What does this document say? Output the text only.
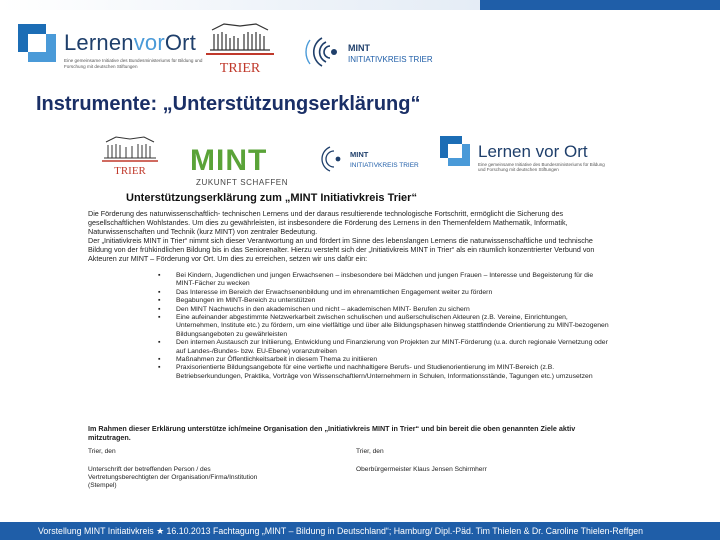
LernenvorOrt
Eine gemeinsame Initiative des Bundesministeriums für Bildung und Forschung mit deutschen Stiftungen	TRIER
MINT
INITIATIVKREIS TRIER
Instrumente: „Unterstützungserklärung“
TRIER MINT
ZUKUNFT SCHAFFEN
MINT
INITIATIVKREIS TRIER
Lernen vor Ort
Eine gemeinsame Initiative des Bundesministeriums für Bildung und Forschung mit deutschen Stiftungen
Unterstützungserklärung zum „MINT Initiativkreis Trier“
Die Förderung des naturwissenschaftlich- technischen Lernens und der daraus resultierende technologische Fortschritt, ermöglicht die Sicherung des gesellschaftlichen Wohlstandes. Um dies zu gewährleisten, ist insbesondere die Förderung des Lernens in den Themenfeldern Mathematik, Informatik, Naturwissenschaften und Technik (kurz MINT) von zentraler Bedeutung.
Der „Initiativkreis MINT in Trier“ nimmt sich dieser Verantwortung an und fördert im Sinne des lebenslangen Lernens die naturwissenschaftliche und technische Bildung von der frühkindlichen Bildung bis in das Seniorenalter. Hierzu versteht sich der „Initiativkreis MINT in Trier“ als ein räumlich konzentrierter Verbund von Akteuren zur MINT – Förderung vor Ort. Um dies zu erreichen, setzen wir uns dafür ein:
▪ Bei Kindern, Jugendlichen und jungen Erwachsenen – insbesondere bei Mädchen und jungen Frauen – Interesse und Begeisterung für die MINT-Fächer zu wecken
▪ Das Interesse im Bereich der Erwachsenenbildung und im ehrenamtlichen Engagement weiter zu fördern
▪ Begabungen im MINT-Bereich zu unterstützen
▪ Den MINT Nachwuchs in den akademischen und nicht – akademischen MINT- Berufen zu sichern
▪ Eine aufeinander abgestimmte Netzwerkarbeit zwischen schulischen und außerschulischen Akteuren (z.B. Vereine, Einrichtungen, Unternehmen, Institute etc.) zu fördern, um eine vielfältige und über alle Bildungsphasen hinweg stattfindende Orientierung zu MINT-bezogenen Bildungsangeboten zu gewährleisten
▪ Den internen Austausch zur Initiierung, Entwicklung und Finanzierung von Projekten zur MINT-Förderung (u.a. durch regionale Vernetzung oder auf Landes-/Bundes- bzw. EU-Ebene) voranzutreiben
▪ Maßnahmen zur Öffentlichkeitsarbeit in diesem Thema zu initiieren
▪ Praxisorientierte Bildungsangebote für eine vertiefte und nachhaltigere Berufs- und Studienorientierung im MINT-Bereich (z.B. Betriebserkundungen, Praktika, Vorträge von Wissenschaftlern/Unternehmern in Schulen, Informationsstände, Tagungen etc.) umzusetzen
Im Rahmen dieser Erklärung unterstütze ich/meine Organisation den „Initiativkreis MINT in Trier“ und bin bereit die oben genannten Ziele aktiv mitzutragen.
Trier, den
Unterschrift der betreffenden Person / des Vertretungsberechtigten der Organisation/Firma/Institution (Stempel)
Trier, den
Oberbürgermeister Klaus Jensen Schirmherr
Vorstellung MINT Initiativkreis ★ 16.10.2013 Fachtagung „MINT – Bildung in Deutschland“; Hamburg/ Dipl.-Päd. Tim Thielen & Dr. Caroline Thielen-Reffgen
